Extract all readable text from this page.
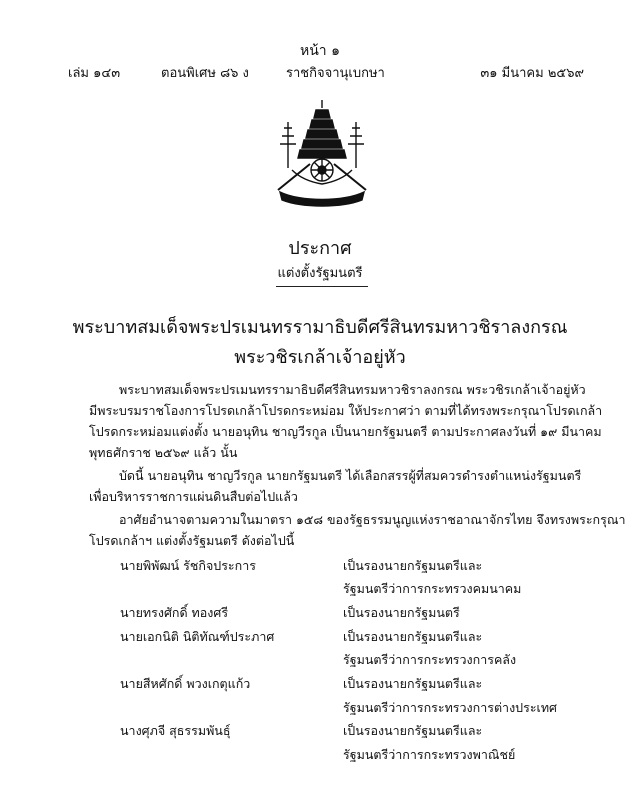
หน้า ๑
เล่ม ๑๔๓	ตอนพิเศษ ๘๖ ง	ราชกิจจานุเบกษา	๓๑ มีนาคม ๒๕๖๙
ประกาศ
แต่งตั้งรัฐมนตรี
พระบาทสมเด็จพระปรเมนทรรามาธิบดีศรีสินทรมหาวชิราลงกรณ
พระวชิรเกล้าเจ้าอยู่หัว
พระบาทสมเด็จพระปรเมนทรรามาธิบดีศรีสินทรมหาวชิราลงกรณ พระวชิรเกล้าเจ้าอยู่หัว
มีพระบรมราชโองการโปรดเกล้าโปรดกระหม่อม ให้ประกาศว่า ตามที่ได้ทรงพระกรุณาโปรดเกล้า
โปรดกระหม่อมแต่งตั้ง นายอนุทิน ชาญวีรกูล เป็นนายกรัฐมนตรี ตามประกาศลงวันที่ ๑๙ มีนาคม
พุทธศักราช ๒๕๖๙ แล้ว นั้น
บัดนี้ นายอนุทิน ชาญวีรกูล นายกรัฐมนตรี ได้เลือกสรรผู้ที่สมควรดำรงตำแหน่งรัฐมนตรี
เพื่อบริหารราชการแผ่นดินสืบต่อไปแล้ว
อาศัยอำนาจตามความในมาตรา ๑๕๘ ของรัฐธรรมนูญแห่งราชอาณาจักรไทย จึงทรงพระกรุณา
โปรดเกล้าฯ แต่งตั้งรัฐมนตรี ดังต่อไปนี้
นายพิพัฒน์ รัชกิจประการ	เป็นรองนายกรัฐมนตรีและ
รัฐมนตรีว่าการกระทรวงคมนาคม
นายทรงศักดิ์ ทองศรี	เป็นรองนายกรัฐมนตรี
นายเอกนิติ นิติทัณฑ์ประภาศ	เป็นรองนายกรัฐมนตรีและ
รัฐมนตรีว่าการกระทรวงการคลัง
นายสีหศักดิ์ พวงเกตุแก้ว	เป็นรองนายกรัฐมนตรีและ
รัฐมนตรีว่าการกระทรวงการต่างประเทศ
นางศุภจี สุธรรมพันธุ์	เป็นรองนายกรัฐมนตรีและ
รัฐมนตรีว่าการกระทรวงพาณิชย์
